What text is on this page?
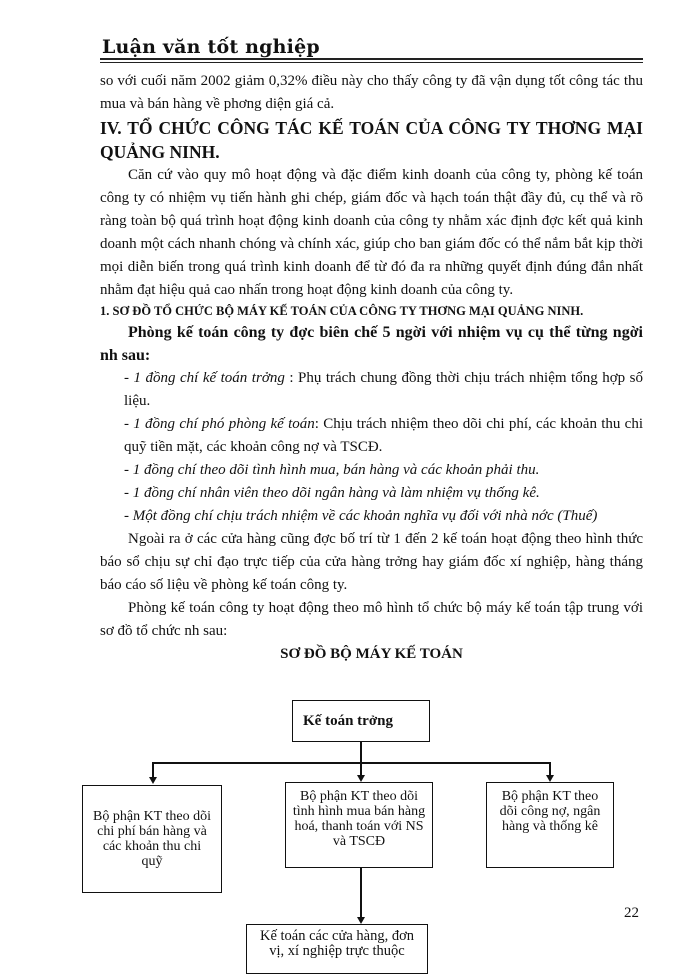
Luận văn tốt nghiệp

so với cuối năm 2002 giảm 0,32% điều này cho thấy công ty đã vận dụng tốt công tác thu mua và bán hàng về phơng diện giá cả.

IV. TỔ CHỨC CÔNG TÁC KẾ TOÁN CỦA CÔNG TY THƠNG MẠI QUẢNG NINH.

Căn cứ vào quy mô hoạt động và đặc điểm kinh doanh của công ty, phòng kế toán công ty có nhiệm vụ tiến hành ghi chép, giám đốc và hạch toán thật đầy đủ, cụ thể và rõ ràng toàn bộ quá trình hoạt động kinh doanh của công ty nhằm xác định đợc kết quả kinh doanh một cách nhanh chóng và chính xác, giúp cho ban giám đốc có thể nắm bắt kịp thời mọi diễn biến trong quá trình kinh doanh để từ đó đa ra những quyết định đúng đắn nhất nhằm đạt hiệu quả cao nhấn trong hoạt động kinh doanh của công ty.

1. SƠ ĐỒ TỔ CHỨC BỘ MÁY KẾ TOÁN CỦA CÔNG TY THƠNG MẠI QUẢNG NINH.

Phòng kế toán công ty đợc biên chế 5 ngời với nhiệm vụ cụ thể từng ngời nh sau:

- 1 đồng chí kế toán trởng : Phụ trách chung đồng thời chịu trách nhiệm tổng hợp số liệu.

- 1 đồng chí phó phòng kế toán: Chịu trách nhiệm theo dõi chi phí, các khoản thu chi quỹ tiền mặt, các khoản công nợ và TSCĐ.

- 1 đồng chí theo dõi tình hình mua, bán hàng và các khoản phải thu.

- 1 đồng chí nhân viên theo dõi ngân hàng và làm nhiệm vụ thống kê.

- Một đồng chí chịu trách nhiệm về các khoản nghĩa vụ đối với nhà nớc (Thuế)

Ngoài ra ở các cửa hàng cũng đợc bố trí từ 1 đến 2 kế toán hoạt động theo hình thức báo sổ chịu sự chỉ đạo trực tiếp của cửa hàng trởng hay giám đốc xí nghiệp, hàng tháng báo cáo số liệu về phòng kế toán công ty.

Phòng kế toán công ty hoạt động theo mô hình tổ chức bộ máy kế toán tập trung với sơ đồ tổ chức nh sau:

SƠ ĐỒ BỘ MÁY KẾ TOÁN

Kế toán trởng
Bộ phận KT theo dõi chi phí bán hàng và các khoản thu chi quỹ
Bộ phận KT theo dõi tình hình mua bán hàng hoá, thanh toán với NS và TSCĐ
Bộ phận KT theo dõi công nợ, ngân hàng và thống kê
Kế toán các cửa hàng, đơn vị, xí nghiệp trực thuộc
22
